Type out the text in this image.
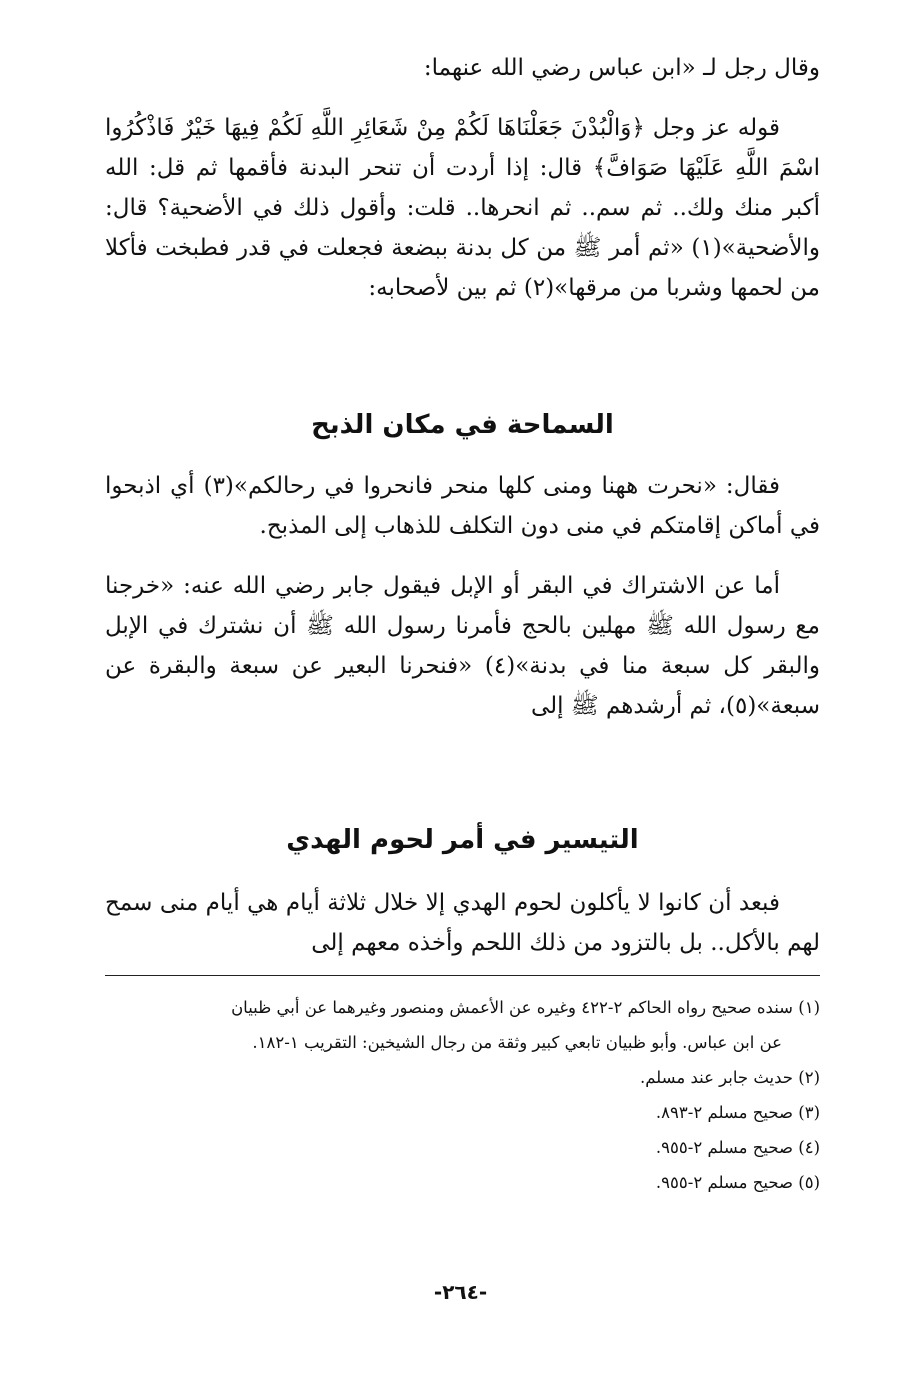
وقال رجل لـ «ابن عباس رضي الله عنهما:

قوله عز وجل ﴿وَالْبُدْنَ جَعَلْنَاهَا لَكُمْ مِنْ شَعَائِرِ اللَّهِ لَكُمْ فِيهَا خَيْرٌ فَاذْكُرُوا اسْمَ اللَّهِ عَلَيْهَا صَوَافَّ﴾ قال: إذا أردت أن تنحر البدنة فأقمها ثم قل: الله أكبر منك ولك.. ثم سم.. ثم انحرها.. قلت: وأقول ذلك في الأضحية؟ قال: والأضحية»(١) «ثم أمر ﷺ من كل بدنة ببضعة فجعلت في قدر فطبخت فأكلا من لحمها وشربا من مرقها»(٢) ثم بين لأصحابه:

السماحة في مكان الذبح

فقال: «نحرت ههنا ومنى كلها منحر فانحروا في رحالكم»(٣) أي اذبحوا في أماكن إقامتكم في منى دون التكلف للذهاب إلى المذبح.

أما عن الاشتراك في البقر أو الإبل فيقول جابر رضي الله عنه: «خرجنا مع رسول الله ﷺ مهلين بالحج فأمرنا رسول الله ﷺ أن نشترك في الإبل والبقر كل سبعة منا في بدنة»(٤) «فنحرنا البعير عن سبعة والبقرة عن سبعة»(٥)، ثم أرشدهم ﷺ إلى

التيسير في أمر لحوم الهدي

فبعد أن كانوا لا يأكلون لحوم الهدي إلا خلال ثلاثة أيام هي أيام منى سمح لهم بالأكل.. بل بالتزود من ذلك اللحم وأخذه معهم إلى

(١) سنده صحيح رواه الحاكم ٢-٤٢٢ وغيره عن الأعمش ومنصور وغيرهما عن أبي ظبيان

عن ابن عباس. وأبو ظبيان تابعي كبير وثقة من رجال الشيخين: التقريب ١-١٨٢.

(٢) حديث جابر عند مسلم.

(٣) صحيح مسلم ٢-٨٩٣.

(٤) صحيح مسلم ٢-٩٥٥.

(٥) صحيح مسلم ٢-٩٥٥.

-٢٦٤-
